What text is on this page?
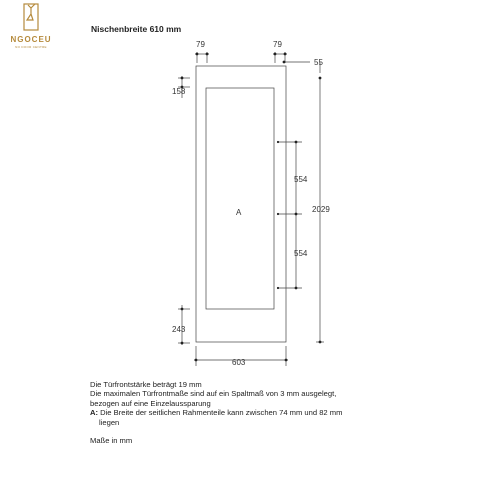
NGOCEU
NO DOOR CENTRE
Nischenbreite 610 mm
79	79
55
158
554
554
2029
243
603
A
Die Türfrontstärke beträgt 19 mm
Die maximalen Türfrontmaße sind auf ein Spaltmaß von 3 mm ausgelegt,
bezogen auf eine Einzelaussparung
A: Die Breite der seitlichen Rahmenteile kann zwischen 74 mm und 82 mm
liegen
Maße in mm
